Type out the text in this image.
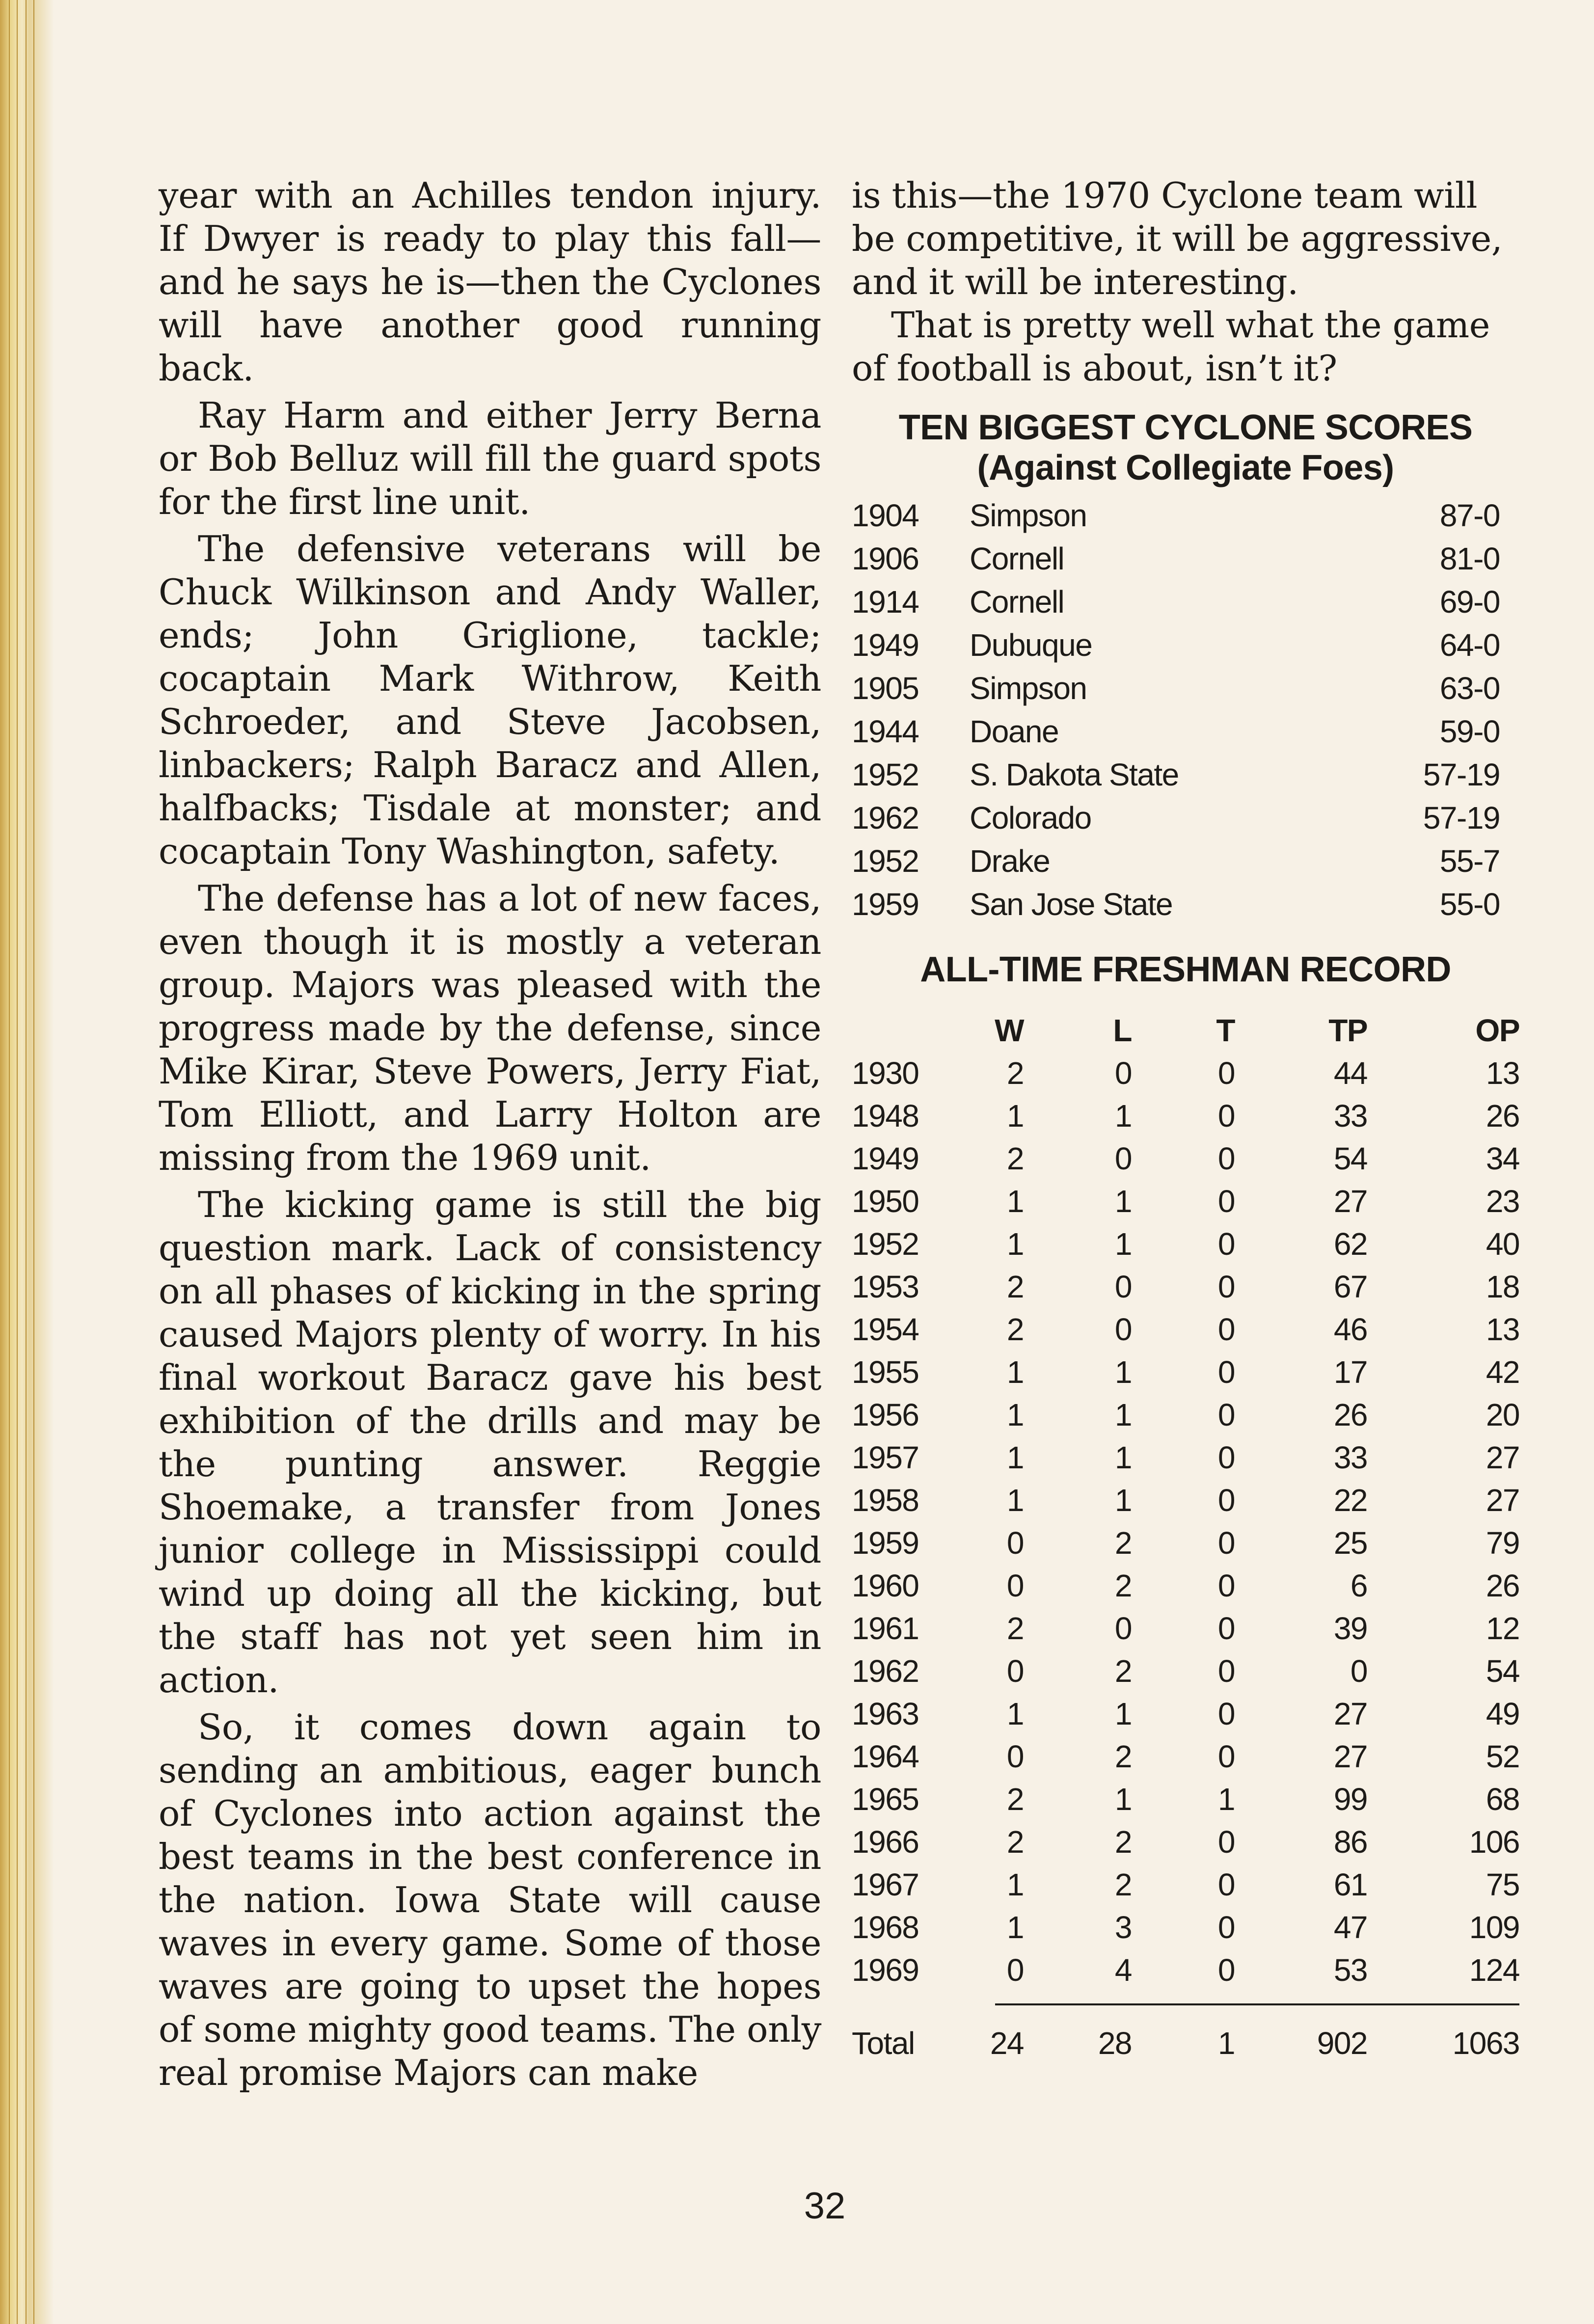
year with an Achilles tendon injury. If Dwyer is ready to play this fall—and he says he is—then the Cyclones will have another good running back.

Ray Harm and either Jerry Berna or Bob Belluz will fill the guard spots for the first line unit.

The defensive veterans will be Chuck Wilkinson and Andy Waller, ends; John Griglione, tackle; cocaptain Mark Withrow, Keith Schroeder, and Steve Jacobsen, linbackers; Ralph Baracz and Allen, halfbacks; Tisdale at monster; and cocaptain Tony Washington, safety.

The defense has a lot of new faces, even though it is mostly a veteran group. Majors was pleased with the progress made by the defense, since Mike Kirar, Steve Powers, Jerry Fiat, Tom Elliott, and Larry Holton are missing from the 1969 unit.

The kicking game is still the big question mark. Lack of consistency on all phases of kicking in the spring caused Majors plenty of worry. In his final workout Baracz gave his best exhibition of the drills and may be the punting answer. Reggie Shoemake, a transfer from Jones junior college in Mississippi could wind up doing all the kicking, but the staff has not yet seen him in action.

So, it comes down again to sending an ambitious, eager bunch of Cyclones into action against the best teams in the best conference in the nation. Iowa State will cause waves in every game. Some of those waves are going to upset the hopes of some mighty good teams. The only real promise Majors can make

is this—the 1970 Cyclone team will be competitive, it will be aggressive, and it will be interesting.

That is pretty well what the game of football is about, isn’t it?

TEN BIGGEST CYCLONE SCORES
(Against Collegiate Foes)
1904	Simpson	87-0
1906	Cornell	81-0
1914	Cornell	69-0
1949	Dubuque	64-0
1905	Simpson	63-0
1944	Doane	59-0
1952	S. Dakota State	57-19
1962	Colorado	57-19
1952	Drake	55-7
1959	San Jose State	55-0
ALL-TIME FRESHMAN RECORD
	W	L	T	TP	OP
1930	2	0	0	44	13
1948	1	1	0	33	26
1949	2	0	0	54	34
1950	1	1	0	27	23
1952	1	1	0	62	40
1953	2	0	0	67	18
1954	2	0	0	46	13
1955	1	1	0	17	42
1956	1	1	0	26	20
1957	1	1	0	33	27
1958	1	1	0	22	27
1959	0	2	0	25	79
1960	0	2	0	6	26
1961	2	0	0	39	12
1962	0	2	0	0	54
1963	1	1	0	27	49
1964	0	2	0	27	52
1965	2	1	1	99	68
1966	2	2	0	86	106
1967	1	2	0	61	75
1968	1	3	0	47	109
1969	0	4	0	53	124
Total	24	28	1	902	1063
32
